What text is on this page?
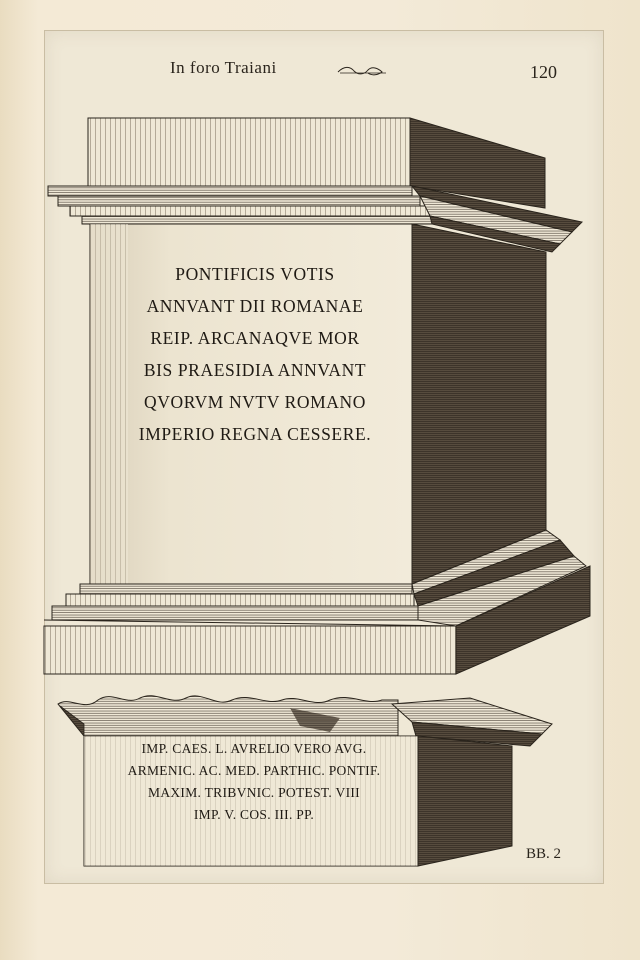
In foro Traiani	120
PONTIFICIS VOTIS
ANNVANT DII ROMANAE
REIP. ARCANAQVE MOR
BIS PRAESIDIA ANNVANT
QVORVM NVTV ROMANO
IMPERIO REGNA CESSERE.
IMP. CAES. L. AVRELIO VERO AVG.
ARMENIC. AC. MED. PARTHIC. PONTIF.
MAXIM. TRIBVNIC. POTEST. VIII
IMP. V. COS. III. PP.
BB. 2
